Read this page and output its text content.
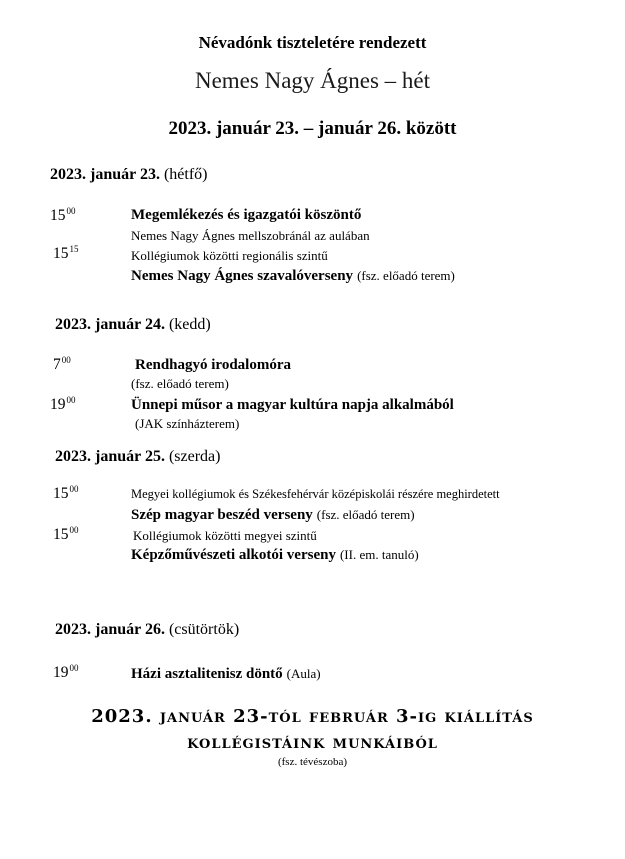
Névadónk tiszteletére rendezett
Nemes Nagy Ágnes – hét
2023. január 23. – január 26. között
2023. január 23. (hétfő)
$15^{00}$	Megemlékezés és igazgatói köszöntő
Nemes Nagy Ágnes mellszobránál az aulában
$15^{15}$	Kollégiumok közötti regionális szintű
Nemes Nagy Ágnes szavalóverseny (fsz. előadó terem)
2023. január 24. (kedd)
$7^{00}$	Rendhagyó irodalomóra
(fsz. előadó terem)
$19^{00}$	Ünnepi műsor a magyar kultúra napja alkalmából
(JAK színházterem)
2023. január 25. (szerda)
$15^{00}$	Megyei kollégiumok és Székesfehérvár középiskolái részére meghirdetett
Szép magyar beszéd verseny (fsz. előadó terem)
$15^{00}$	Kollégiumok közötti megyei szintű
Képzőművészeti alkotói verseny (II. em. tanuló)
2023. január 26. (csütörtök)
$19^{00}$	Házi asztalitenisz döntő (Aula)
2023. január 23-tól február 3-ig kiállítás
kollégistáink munkáiból
(fsz. tévészoba)
